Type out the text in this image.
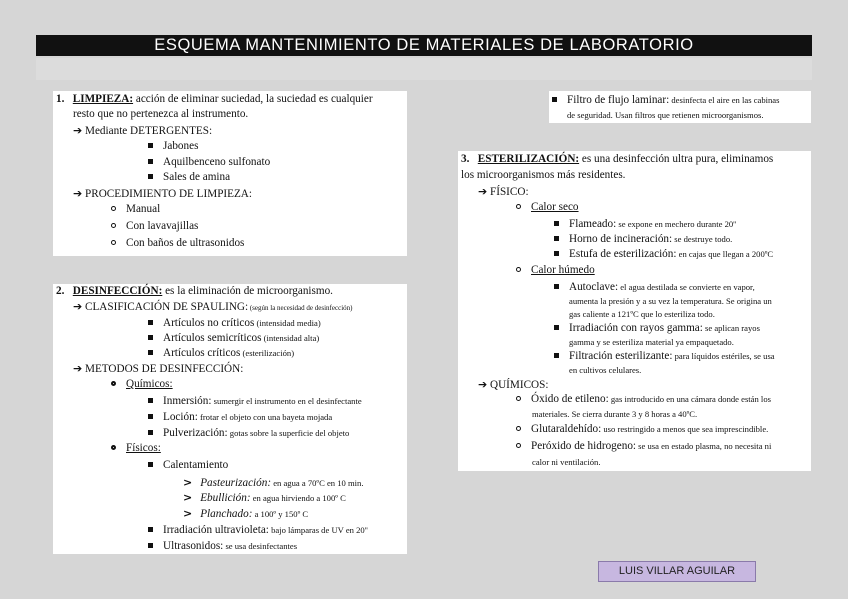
ESQUEMA MANTENIMIENTO DE MATERIALES DE LABORATORIO
1. LIMPIEZA: acción de eliminar suciedad, la suciedad es cualquier
resto que no pertenezca al instrumento.
➔ Mediante DETERGENTES:
Jabones
Aquilbenceno sulfonato
Sales de amina
➔ PROCEDIMIENTO DE LIMPIEZA:
Manual
Con lavavajillas
Con baños de ultrasonidos
2. DESINFECCIÓN: es la eliminación de microorganismo.
➔ CLASIFICACIÓN DE SPAULING: (según la necesidad de desinfección)
Artículos no críticos (intensidad media)
Artículos semicríticos (intensidad alta)
Artículos críticos (esterilización)
➔ METODOS DE DESINFECCIÓN:
Químicos:
Inmersión: sumergir el instrumento en el desinfectante
Loción: frotar el objeto con una bayeta mojada
Pulverización: gotas sobre la superficie del objeto
Físicos:
Calentamiento
> Pasteurización: en agua a 70ºC en 10 min.
> Ebullición: en agua hirviendo a 100º C
> Planchado: a 100º y 150º C
Irradiación ultravioleta: bajo lámparas de UV en 20''
Ultrasonidos: se usa desinfectantes
Filtro de flujo laminar: desinfecta el aire en las cabinas
de seguridad. Usan filtros que retienen microorganismos.
3. ESTERILIZACIÓN: es una desinfección ultra pura, eliminamos
los microorganismos más residentes.
➔ FÍSICO:
Calor seco
Flameado: se expone en mechero durante 20''
Horno de incineración: se destruye todo.
Estufa de esterilización: en cajas que llegan a 200ºC
Calor húmedo
Autoclave: el agua destilada se convierte en vapor,
aumenta la presión y a su vez la temperatura. Se origina un
gas caliente a 121ºC que lo esteriliza todo.
Irradiación con rayos gamma: se aplican rayos
gamma y se esteriliza material ya empaquetado.
Filtración esterilizante: para líquidos estériles, se usa
en cultivos celulares.
➔ QUÍMICOS:
Óxido de etileno: gas introducido en una cámara donde están los
materiales. Se cierra durante 3 y 8 horas a 40ºC.
Glutaraldehído: uso restringido a menos que sea imprescindible.
Peróxido de hidrogeno: se usa en estado plasma, no necesita ni
calor ni ventilación.
LUIS VILLAR AGUILAR
